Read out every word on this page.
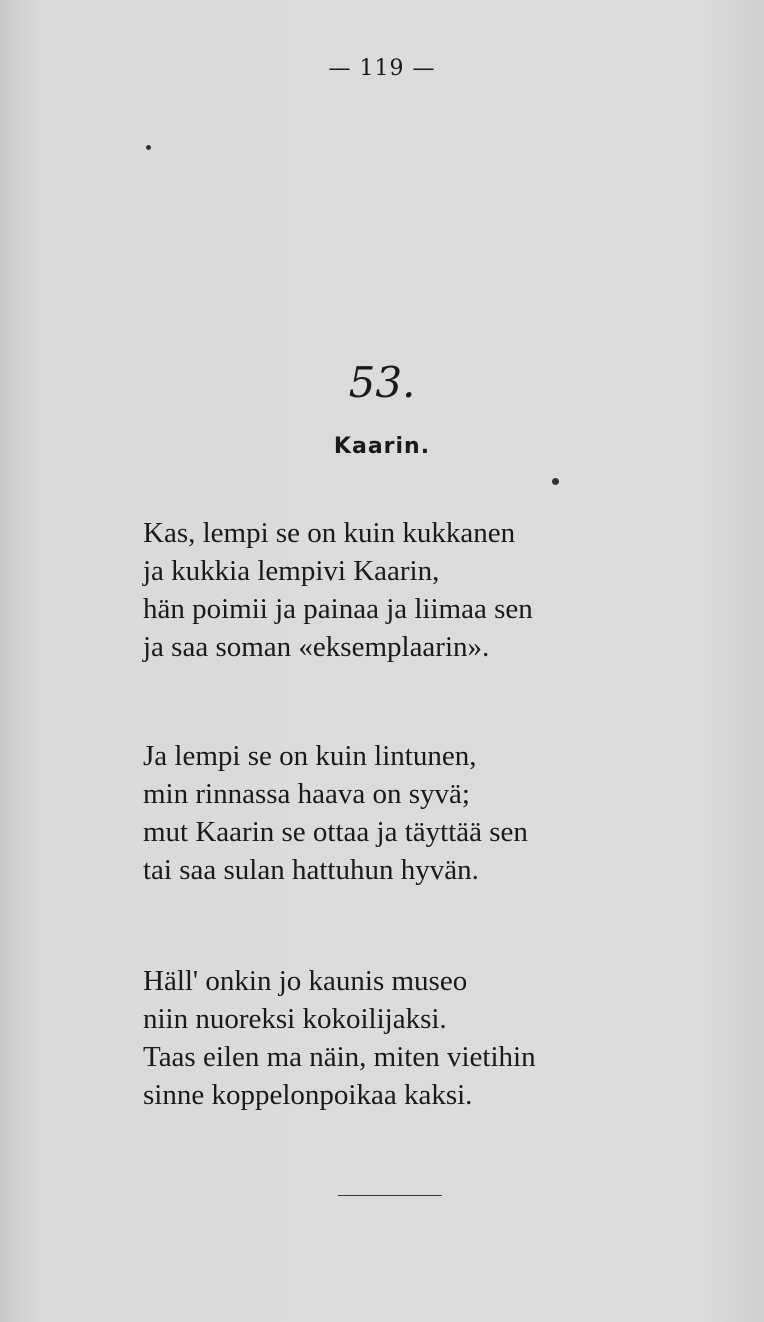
— 119 —
53.
Kaarin.
Kas, lempi se on kuin kukkanen
ja kukkia lempivi Kaarin,
hän poimii ja painaa ja liimaa sen
ja saa soman «eksemplaarin».
Ja lempi se on kuin lintunen,
min rinnassa haava on syvä;
mut Kaarin se ottaa ja täyttää sen
tai saa sulan hattuhun hyvän.
Häll' onkin jo kaunis museo
niin nuoreksi kokoilijaksi.
Taas eilen ma näin, miten vietihin
sinne koppelonpoikaa kaksi.
